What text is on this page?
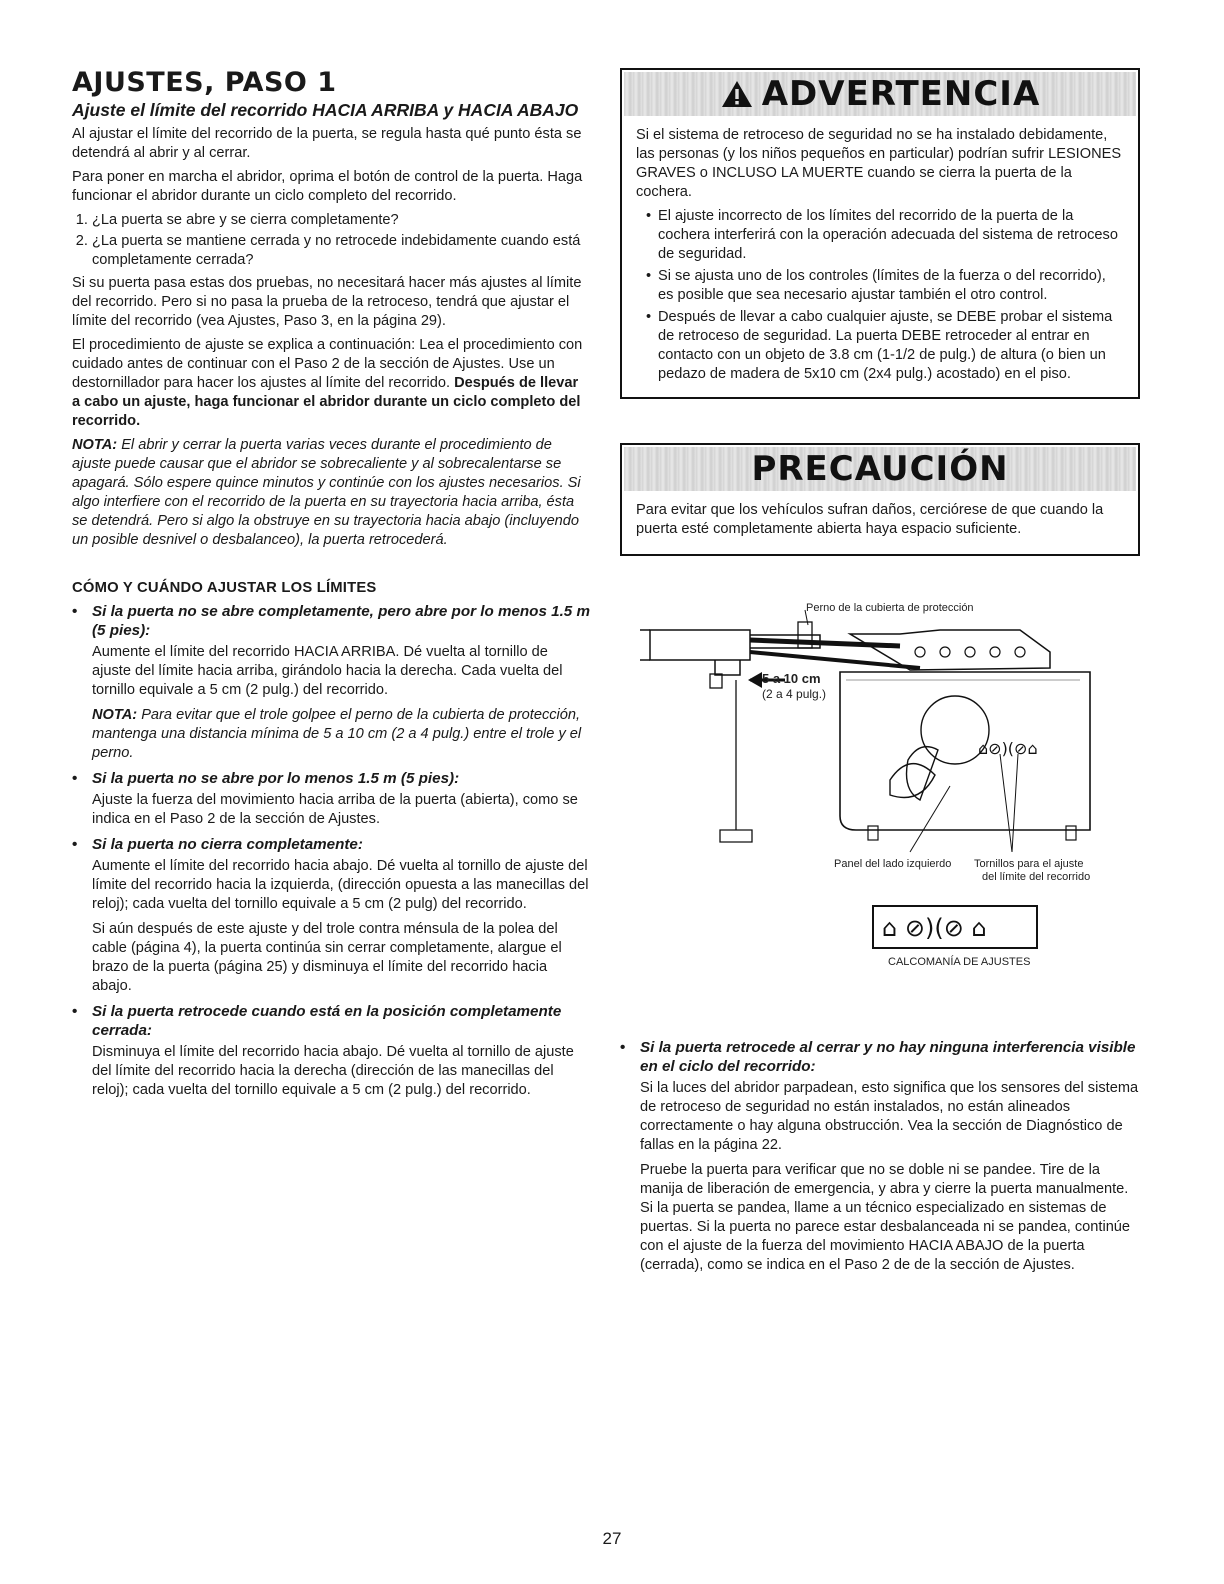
AJUSTES, PASO 1
Ajuste el límite del recorrido HACIA ARRIBA y HACIA ABAJO

Al ajustar el límite del recorrido de la puerta, se regula hasta qué punto ésta se detendrá al abrir y al cerrar.

Para poner en marcha el abridor, oprima el botón de control de la puerta. Haga funcionar el abridor durante un ciclo completo del recorrido.

1. ¿La puerta se abre y se cierra completamente?
2. ¿La puerta se mantiene cerrada y no retrocede indebidamente cuando está completamente cerrada?

Si su puerta pasa estas dos pruebas, no necesitará hacer más ajustes al límite del recorrido. Pero si no pasa la prueba de la retroceso, tendrá que ajustar el límite del recorrido (vea Ajustes, Paso 3, en la página 29).

El procedimiento de ajuste se explica a continuación: Lea el procedimiento con cuidado antes de continuar con el Paso 2 de la sección de Ajustes. Use un destornillador para hacer los ajustes al límite del recorrido. Después de llevar a cabo un ajuste, haga funcionar el abridor durante un ciclo completo del recorrido.

NOTA: El abrir y cerrar la puerta varias veces durante el procedimiento de ajuste puede causar que el abridor se sobrecaliente y al sobrecalentarse se apagará. Sólo espere quince minutos y continúe con los ajustes necesarios. Si algo interfiere con el recorrido de la puerta en su trayectoria hacia arriba, ésta se detendrá. Pero si algo la obstruye en su trayectoria hacia abajo (incluyendo un posible desnivel o desbalanceo), la puerta retrocederá.

CÓMO Y CUÁNDO AJUSTAR LOS LÍMITES
• Si la puerta no se abre completamente, pero abre por lo menos 1.5 m (5 pies):

Aumente el límite del recorrido HACIA ARRIBA. Dé vuelta al tornillo de ajuste del límite hacia arriba, girándolo hacia la derecha. Cada vuelta del tornillo equivale a 5 cm (2 pulg.) del recorrido.

NOTA: Para evitar que el trole golpee el perno de la cubierta de protección, mantenga una distancia mínima de 5 a 10 cm (2 a 4 pulg.) entre el trole y el perno.

• Si la puerta no se abre por lo menos 1.5 m (5 pies):

Ajuste la fuerza del movimiento hacia arriba de la puerta (abierta), como se indica en el Paso 2 de la sección de Ajustes.

• Si la puerta no cierra completamente:

Aumente el límite del recorrido hacia abajo. Dé vuelta al tornillo de ajuste del límite del recorrido hacia la izquierda, (dirección opuesta a las manecillas del reloj); cada vuelta del tornillo equivale a 5 cm (2 pulg) del recorrido.

Si aún después de este ajuste y del trole contra ménsula de la polea del cable (página 4), la puerta continúa sin cerrar completamente, alargue el brazo de la puerta (página 25) y disminuya el límite del recorrido hacia abajo.

• Si la puerta retrocede cuando está en la posición completamente cerrada:

Disminuya el límite del recorrido hacia abajo. Dé vuelta al tornillo de ajuste del límite del recorrido hacia la derecha (dirección de las manecillas del reloj); cada vuelta del tornillo equivale a 5 cm (2 pulg.) del recorrido.

ADVERTENCIA

Si el sistema de retroceso de seguridad no se ha instalado debidamente, las personas (y los niños pequeños en particular) podrían sufrir LESIONES GRAVES o INCLUSO LA MUERTE cuando se cierra la puerta de la cochera.

• El ajuste incorrecto de los límites del recorrido de la puerta de la cochera interferirá con la operación adecuada del sistema de retroceso de seguridad.
• Si se ajusta uno de los controles (límites de la fuerza o del recorrido), es posible que sea necesario ajustar también el otro control.
• Después de llevar a cabo cualquier ajuste, se DEBE probar el sistema de retroceso de seguridad. La puerta DEBE retroceder al entrar en contacto con un objeto de 3.8 cm (1-1/2 de pulg.) de altura (o bien un pedazo de madera de 5x10 cm (2x4 pulg.) acostado) en el piso.
PRECAUCIÓN

Para evitar que los vehículos sufran daños, cerciórese de que cuando la puerta esté completamente abierta haya espacio suficiente.

⌂⊘)(⊘⌂
⌂ ⊘)(⊘ ⌂
Perno de la cubierta de protección
5 a 10 cm
(2 a 4 pulg.)
Panel del lado izquierdo Tornillos para el ajuste
del límite del recorrido
CALCOMANÍA DE AJUSTES
• Si la puerta retrocede al cerrar y no hay ninguna interferencia visible en el ciclo del recorrido:

Si la luces del abridor parpadean, esto significa que los sensores del sistema de retroceso de seguridad no están instalados, no están alineados correctamente o hay alguna obstrucción. Vea la sección de Diagnóstico de fallas en la página 22.

Pruebe la puerta para verificar que no se doble ni se pandee. Tire de la manija de liberación de emergencia, y abra y cierre la puerta manualmente. Si la puerta se pandea, llame a un técnico especializado en sistemas de puertas. Si la puerta no parece estar desbalanceada ni se pandea, continúe con el ajuste de la fuerza del movimiento HACIA ABAJO de la puerta (cerrada), como se indica en el Paso 2 de de la sección de Ajustes.

27
